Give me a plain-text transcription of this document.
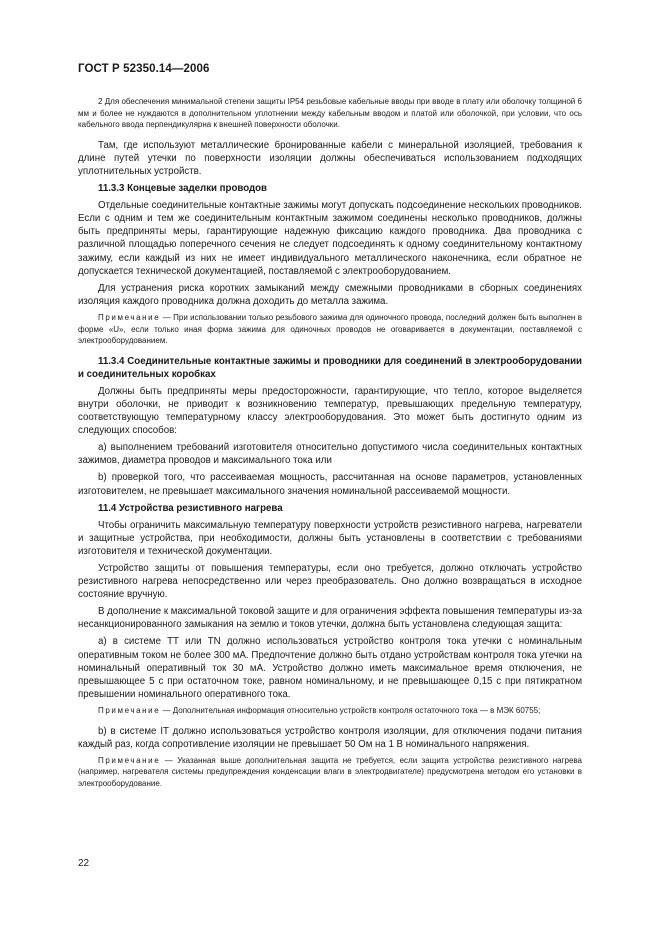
ГОСТ Р 52350.14—2006

2 Для обеспечения минимальной степени защиты IP54 резьбовые кабельные вводы при вводе в плату или оболочку толщиной 6 мм и более не нуждаются в дополнительном уплотнении между кабельным вводом и платой или оболочкой, при условии, что ось кабельного ввода перпендикулярна к внешней поверхности оболочки.

Там, где используют металлические бронированные кабели с минеральной изоляцией, требования к длине путей утечки по поверхности изоляции должны обеспечиваться использованием подходящих уплотнительных устройств.

11.3.3 Концевые заделки проводов

Отдельные соединительные контактные зажимы могут допускать подсоединение нескольких проводников. Если с одним и тем же соединительным контактным зажимом соединены несколько проводников, должны быть предприняты меры, гарантирующие надежную фиксацию каждого проводника. Два проводника с различной площадью поперечного сечения не следует подсоединять к одному соединительному контактному зажиму, если каждый из них не имеет индивидуального металлического наконечника, если обратное не допускается технической документацией, поставляемой с электрооборудованием.

Для устранения риска коротких замыканий между смежными проводниками в сборных соединениях изоляция каждого проводника должна доходить до металла зажима.

Примечание — При использовании только резьбового зажима для одиночного провода, последний должен быть выполнен в форме «U», если только иная форма зажима для одиночных проводов не оговаривается в документации, поставляемой с электрооборудованием.

11.3.4 Соединительные контактные зажимы и проводники для соединений в электрооборудовании и соединительных коробках

Должны быть предприняты меры предосторожности, гарантирующие, что тепло, которое выделяется внутри оболочки, не приводит к возникновению температур, превышающих предельную температуру, соответствующую температурному классу электрооборудования. Это может быть достигнуто одним из следующих способов:

a) выполнением требований изготовителя относительно допустимого числа соединительных контактных зажимов, диаметра проводов и максимального тока или

b) проверкой того, что рассеиваемая мощность, рассчитанная на основе параметров, установленных изготовителем, не превышает максимального значения номинальной рассеиваемой мощности.

11.4 Устройства резистивного нагрева

Чтобы ограничить максимальную температуру поверхности устройств резистивного нагрева, нагреватели и защитные устройства, при необходимости, должны быть установлены в соответствии с требованиями изготовителя и технической документации.

Устройство защиты от повышения температуры, если оно требуется, должно отключать устройство резистивного нагрева непосредственно или через преобразователь. Оно должно возвращаться в исходное состояние вручную.

В дополнение к максимальной токовой защите и для ограничения эффекта повышения температуры из-за несанкционированного замыкания на землю и токов утечки, должна быть установлена следующая защита:

a) в системе ТТ или TN должно использоваться устройство контроля тока утечки с номинальным оперативным током не более 300 мА. Предпочтение должно быть отдано устройствам контроля тока утечки на номинальный оперативный ток 30 мА. Устройство должно иметь максимальное время отключения, не превышающее 5 с при остаточном токе, равном номинальному, и не превышающее 0,15 с при пятикратном превышении номинального оперативного тока.

Примечание — Дополнительная информация относительно устройств контроля остаточного тока — в МЭК 60755;

b) в системе IT должно использоваться устройство контроля изоляции, для отключения подачи питания каждый раз, когда сопротивление изоляции не превышает 50 Ом на 1 В номинального напряжения.

Примечание — Указанная выше дополнительная защита не требуется, если защита устройства резистивного нагрева (например, нагревателя системы предупреждения конденсации влаги в электродвигателе) предусмотрена методом его установки в электрооборудование.

22
